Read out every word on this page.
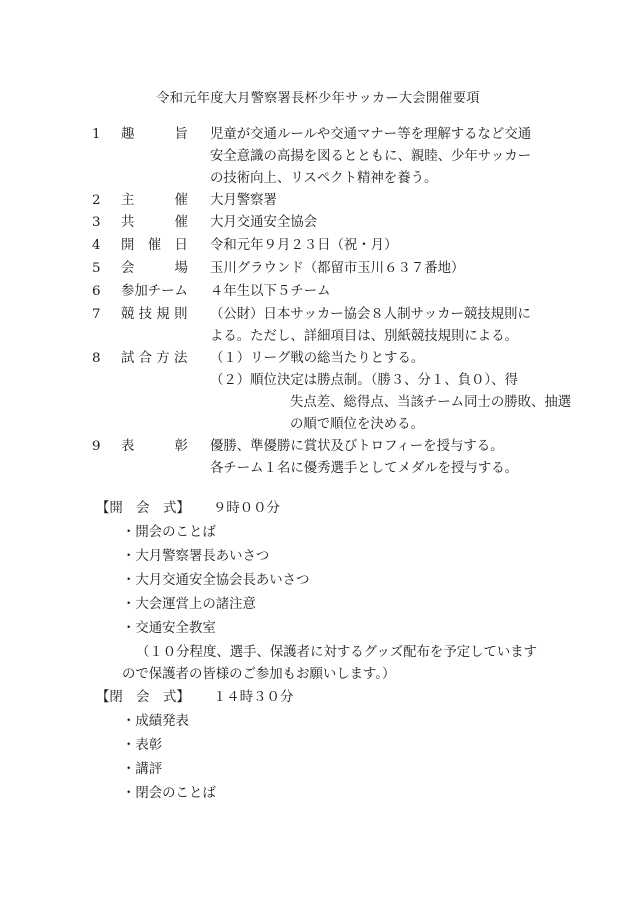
令和元年度大月警察署長杯少年サッカー大会開催要項
1 趣　　　旨	児童が交通ルールや交通マナー等を理解するなど交通
安全意識の高揚を図るとともに、親睦、少年サッカー
の技術向上、リスペクト精神を養う。
2 主　　　催	大月警察署
3 共　　　催	大月交通安全協会
4 開　催　日	令和元年９月２３日（祝・月）
5 会　　　場	玉川グラウンド（都留市玉川６３７番地）
6 参加チーム	４年生以下５チーム
7 競 技 規 則	（公財）日本サッカー協会８人制サッカー競技規則に
よる。ただし、詳細項目は、別紙競技規則による。
8 試 合 方 法	（１）リーグ戦の総当たりとする。
（２）順位決定は勝点制。（勝３、分１、負０）、得
失点差、総得点、当該チーム同士の勝敗、抽選
の順で順位を決める。
9 表　　　彰	優勝、準優勝に賞状及びトロフィーを授与する。
各チーム１名に優秀選手としてメダルを授与する。
【開　会　式】 ９時００分
・開会のことば
・大月警察署長あいさつ
・大月交通安全協会長あいさつ
・大会運営上の諸注意
・交通安全教室
（１０分程度、選手、保護者に対するグッズ配布を予定しています
ので保護者の皆様のご参加もお願いします。）
【閉　会　式】 １４時３０分
・成績発表
・表彰
・講評
・閉会のことば
